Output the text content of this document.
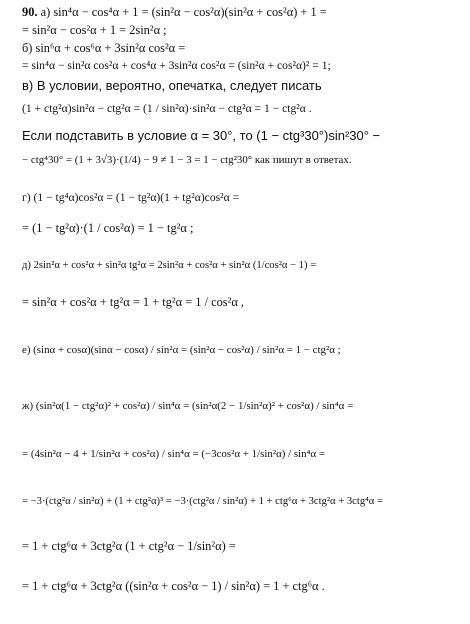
90. а) sin⁴α − cos⁴α + 1 = (sin²α − cos²α)(sin²α + cos²α) + 1 =
= sin²α − cos²α + 1 = 2sin²α ;
б) sin⁶α + cos⁶α + 3sin²α cos²α =
= sin⁴α − sin²α cos²α + cos⁴α + 3sin²α cos²α = (sin²α + cos²α)² = 1;
в) В условии, вероятно, опечатка, следует писать
(1 + ctg²α)sin²α − ctg²α = (1 / sin²α)·sin²α − ctg²α = 1 − ctg²α .
Если подставить в условие α = 30°, то (1 − ctg³30°)sin²30° −
− ctg⁴30° = (1 + 3√3)·(1/4) − 9 ≠ 1 − 3 = 1 − ctg²30° как пишут в ответах.
г) (1 − tg⁴α)cos²α = (1 − tg²α)(1 + tg²α)cos²α =
= (1 − tg²α)·(1 / cos²α) = 1 − tg²α ;
д) 2sin²α + cos²α + sin²α tg²α = 2sin²α + cos²α + sin²α (1/cos²α − 1) =
= sin²α + cos²α + tg²α = 1 + tg²α = 1 / cos²α ,
е) (sinα + cosα)(sinα − cosα) / sin²α = (sin²α − cos²α) / sin²α = 1 − ctg²α ;
ж) (sin²α(1 − ctg²α)² + cos²α) / sin⁴α = (sin²α(2 − 1/sin²α)² + cos²α) / sin⁴α =
= (4sin²α − 4 + 1/sin²α + cos²α) / sin⁴α = (−3cos²α + 1/sin²α) / sin⁴α =
= −3·(ctg²α / sin²α) + (1 + ctg²α)³ = −3·(ctg²α / sin²α) + 1 + ctg⁶α + 3ctg²α + 3ctg⁴α =
= 1 + ctg⁶α + 3ctg²α (1 + ctg²α − 1/sin²α) =
= 1 + ctg⁶α + 3ctg²α ((sin²α + cos²α − 1) / sin²α) = 1 + ctg⁶α .
